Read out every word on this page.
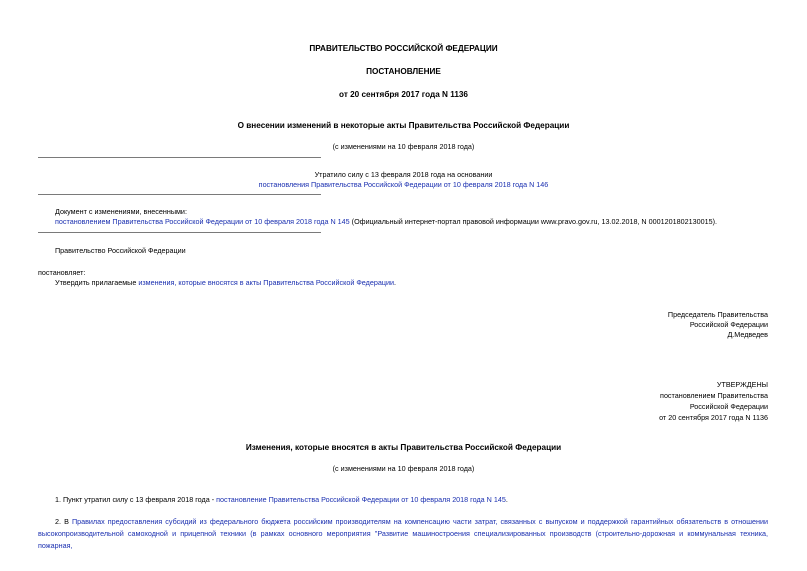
ПРАВИТЕЛЬСТВО РОССИЙСКОЙ ФЕДЕРАЦИИ
ПОСТАНОВЛЕНИЕ
от 20 сентября 2017 года N 1136
О внесении изменений в некоторые акты Правительства Российской Федерации
(с изменениями на 10 февраля 2018 года)
Утратило силу с 13 февраля 2018 года на основании
постановления Правительства Российской Федерации от 10 февраля 2018 года N 146
Документ с изменениями, внесенными:
постановлением Правительства Российской Федерации от 10 февраля 2018 года N 145 (Официальный интернет-портал правовой информации www.pravo.gov.ru, 13.02.2018, N 0001201802130015).
Правительство Российской Федерации
постановляет:
Утвердить прилагаемые изменения, которые вносятся в акты Правительства Российской Федерации.
Председатель Правительства
Российской Федерации
Д.Медведев
УТВЕРЖДЕНЫ
постановлением Правительства
Российской Федерации
от 20 сентября 2017 года N 1136
Изменения, которые вносятся в акты Правительства Российской Федерации
(с изменениями на 10 февраля 2018 года)
1. Пункт утратил силу с 13 февраля 2018 года - постановление Правительства Российской Федерации от 10 февраля 2018 года N 145.
2. В Правилах предоставления субсидий из федерального бюджета российским производителям на компенсацию части затрат, связанных с выпуском и поддержкой гарантийных обязательств в отношении высокопроизводительной самоходной и прицепной техники (в рамках основного мероприятия "Развитие машиностроения специализированных производств (строительно-дорожная и коммунальная техника, пожарная,
